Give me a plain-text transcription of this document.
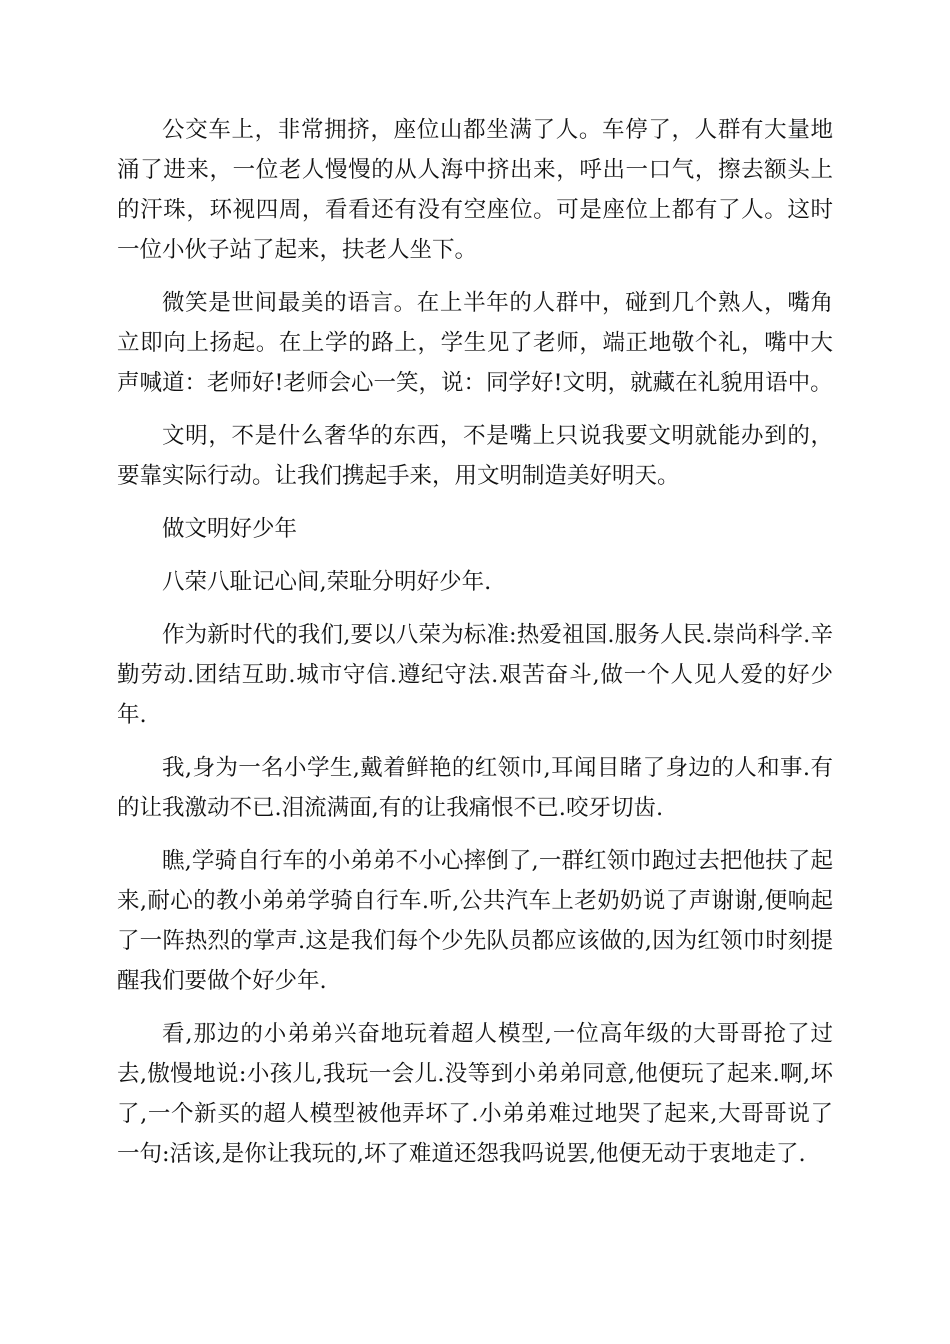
公交车上，非常拥挤，座位山都坐满了人。车停了，人群有大量地涌了进来，一位老人慢慢的从人海中挤出来，呼出一口气，擦去额头上的汗珠，环视四周，看看还有没有空座位。可是座位上都有了人。这时一位小伙子站了起来，扶老人坐下。

微笑是世间最美的语言。在上半年的人群中，碰到几个熟人，嘴角立即向上扬起。在上学的路上，学生见了老师，端正地敬个礼，嘴中大声喊道：老师好!老师会心一笑，说：同学好!文明，就藏在礼貌用语中。

文明，不是什么奢华的东西，不是嘴上只说我要文明就能办到的，要靠实际行动。让我们携起手来，用文明制造美好明天。

做文明好少年

八荣八耻记心间,荣耻分明好少年.

作为新时代的我们,要以八荣为标准:热爱祖国.服务人民.崇尚科学.辛勤劳动.团结互助.城市守信.遵纪守法.艰苦奋斗,做一个人见人爱的好少年.

我,身为一名小学生,戴着鲜艳的红领巾,耳闻目睹了身边的人和事.有的让我激动不已.泪流满面,有的让我痛恨不已.咬牙切齿.

瞧,学骑自行车的小弟弟不小心摔倒了,一群红领巾跑过去把他扶了起来,耐心的教小弟弟学骑自行车.听,公共汽车上老奶奶说了声谢谢,便响起了一阵热烈的掌声.这是我们每个少先队员都应该做的,因为红领巾时刻提醒我们要做个好少年.

看,那边的小弟弟兴奋地玩着超人模型,一位高年级的大哥哥抢了过去,傲慢地说:小孩儿,我玩一会儿.没等到小弟弟同意,他便玩了起来.啊,坏了,一个新买的超人模型被他弄坏了.小弟弟难过地哭了起来,大哥哥说了一句:活该,是你让我玩的,坏了难道还怨我吗说罢,他便无动于衷地走了.
